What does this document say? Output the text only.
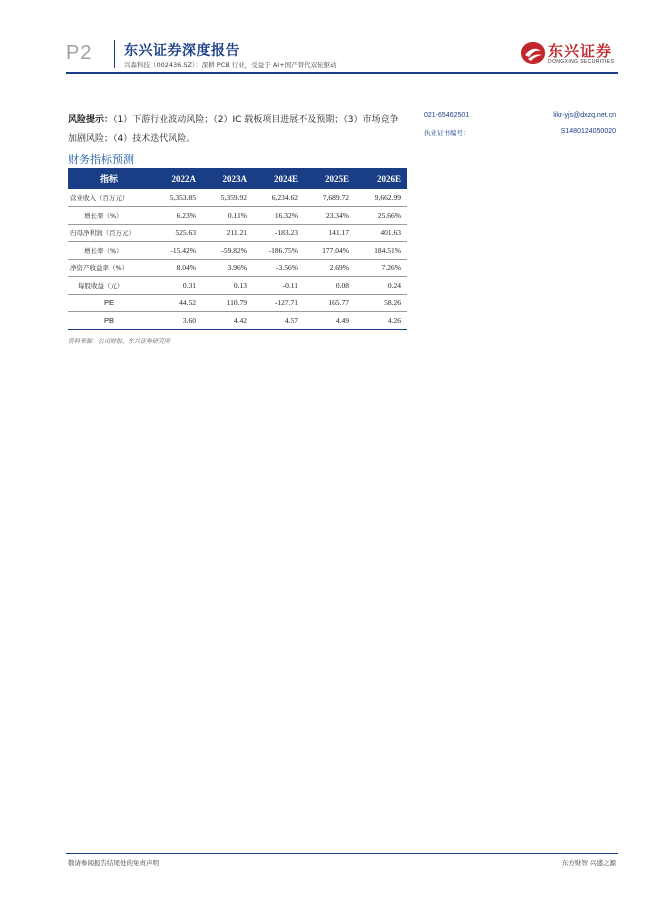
P2 东兴证券深度报告
兴森科技（002436.SZ）：深耕 PCB 行业，受益于 AI+国产替代双轮驱动
东兴证券
DONGXING SECURITIES
风险提示：（1）下游行业波动风险；（2）IC 载板项目进展不及预期；（3）市场竞争加剧风险；（4）技术迭代风险。
021-65462501	likr-yjs@dxzq.net.cn
执业证书编号：	S1480124050020
财务指标预测
指标	2022A	2023A	2024E	2025E	2026E
营业收入（百万元）	5,353.85	5,359.92	6,234.62	7,689.72	9,662.99
增长率（%）	6.23%	0.11%	16.32%	23.34%	25.66%
归母净利润（百万元）	525.63	211.21	-183.23	141.17	401.63
增长率（%）	-15.42%	-59.82%	-186.75%	177.04%	184.51%
净资产收益率（%）	8.04%	3.96%	-3.56%	2.69%	7.26%
每股收益（元）	0.31	0.13	-0.11	0.08	0.24
PE	44.52	110.79	-127.71	165.77	58.26
PB	3.60	4.42	4.57	4.49	4.26
资料来源：公司财报、东兴证券研究所
敬请参阅报告结尾处的免责声明	东方财智 兴盛之源
